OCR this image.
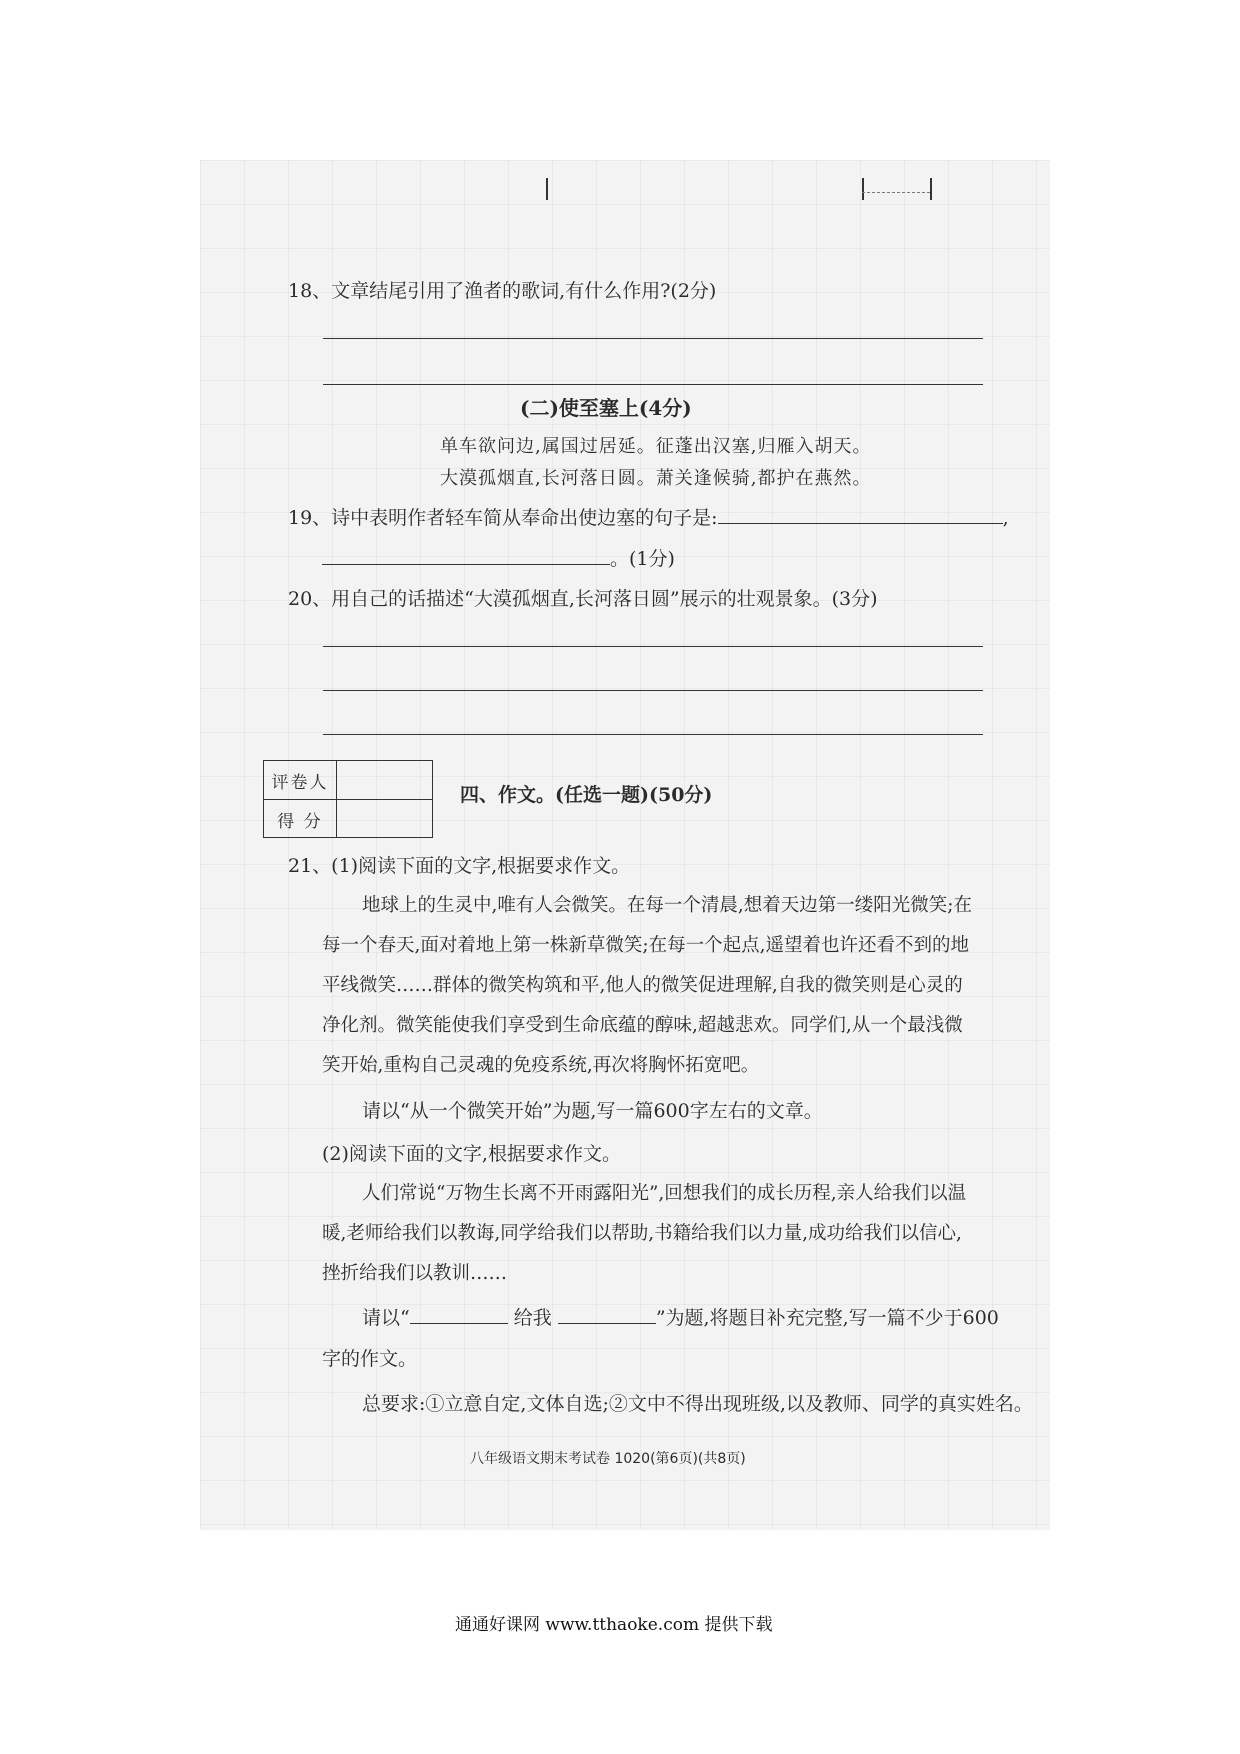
18、文章结尾引用了渔者的歌词,有什么作用?(2分)
(二)使至塞上(4分)
单车欲问边,属国过居延。征蓬出汉塞,归雁入胡天。
大漠孤烟直,长河落日圆。萧关逢候骑,都护在燕然。
19、诗中表明作者轻车简从奉命出使边塞的句子是:	,
。(1分)
20、用自己的话描述“大漠孤烟直,长河落日圆”展示的壮观景象。(3分)
评卷人
得 分
四、作文。(任选一题)(50分)
21、(1)阅读下面的文字,根据要求作文。
地球上的生灵中,唯有人会微笑。在每一个清晨,想着天边第一缕阳光微笑;在
每一个春天,面对着地上第一株新草微笑;在每一个起点,遥望着也许还看不到的地
平线微笑……群体的微笑构筑和平,他人的微笑促进理解,自我的微笑则是心灵的
净化剂。微笑能使我们享受到生命底蕴的醇味,超越悲欢。同学们,从一个最浅微
笑开始,重构自己灵魂的免疫系统,再次将胸怀拓宽吧。
请以“从一个微笑开始”为题,写一篇600字左右的文章。
(2)阅读下面的文字,根据要求作文。
人们常说“万物生长离不开雨露阳光”,回想我们的成长历程,亲人给我们以温
暖,老师给我们以教诲,同学给我们以帮助,书籍给我们以力量,成功给我们以信心,
挫折给我们以教训……
请以“	给我	”为题,将题目补充完整,写一篇不少于600
字的作文。
总要求:①立意自定,文体自选;②文中不得出现班级,以及教师、同学的真实姓名。
八年级语文期末考试卷 1020(第6页)(共8页)
通通好课网 www.tthaoke.com 提供下载
